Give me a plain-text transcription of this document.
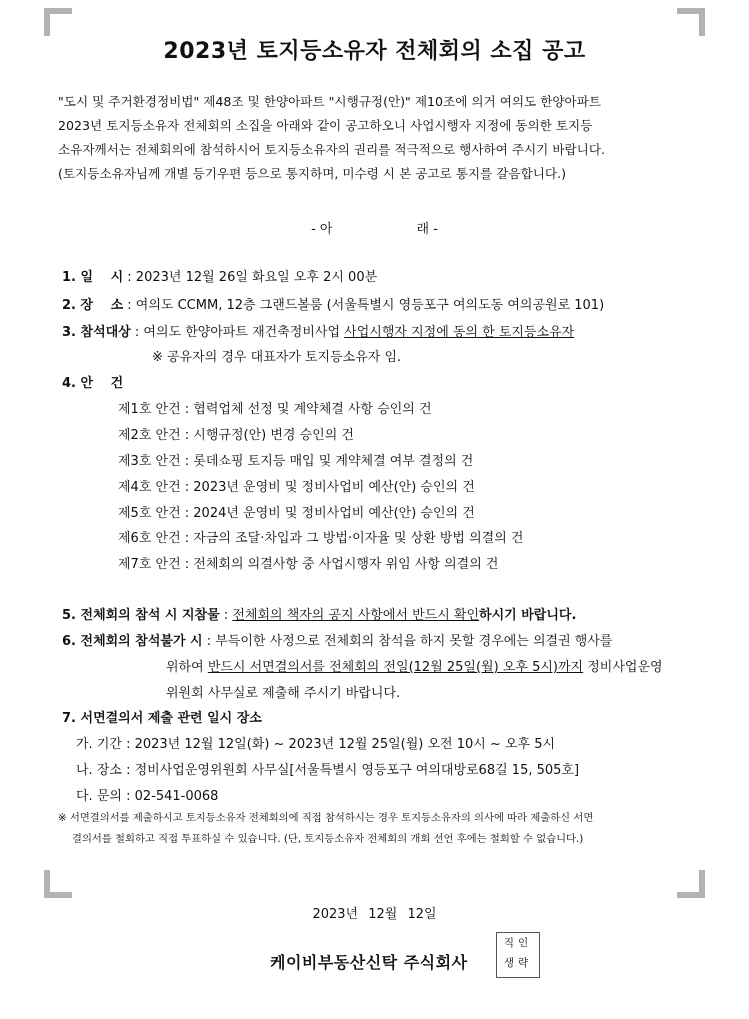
2023년 토지등소유자 전체회의 소집 공고

"도시 및 주거환경정비법" 제48조 및 한양아파트 "시행규정(안)" 제10조에 의거 여의도 한양아파트

2023년 토지등소유자 전체회의 소집을 아래와 같이 공고하오니 사업시행자 지정에 동의한 토지등

소유자께서는 전체회의에 참석하시어 토지등소유자의 권리를 적극적으로 행사하여 주시기 바랍니다.

(토지등소유자님께 개별 등기우편 등으로 통지하며, 미수령 시 본 공고로 통지를 갈음합니다.)

- 아	래 -
1. 일　 시 : 2023년 12월 26일 화요일 오후 2시 00분
2. 장　 소 : 여의도 CCMM, 12층 그랜드볼룸 (서울특별시 영등포구 여의도동 여의공원로 101)
3. 참석대상 : 여의도 한양아파트 재건축정비사업 사업시행자 지정에 동의 한 토지등소유자
※ 공유자의 경우 대표자가 토지등소유자 임.
4. 안　 건
제1호 안건 : 협력업체 선정 및 계약체결 사항 승인의 건
제2호 안건 : 시행규정(안) 변경 승인의 건
제3호 안건 : 롯데쇼핑 토지등 매입 및 계약체결 여부 결정의 건
제4호 안건 : 2023년 운영비 및 정비사업비 예산(안) 승인의 건
제5호 안건 : 2024년 운영비 및 정비사업비 예산(안) 승인의 건
제6호 안건 : 자금의 조달·차입과 그 방법·이자율 및 상환 방법 의결의 건
제7호 안건 : 전체회의 의결사항 중 사업시행자 위임 사항 의결의 건
5. 전체회의 참석 시 지참물 : 전체회의 책자의 공지 사항에서 반드시 확인하시기 바랍니다.
6. 전체회의 참석불가 시 : 부득이한 사정으로 전체회의 참석을 하지 못할 경우에는 의결권 행사를
위하여 반드시 서면결의서를 전체회의 전일(12월 25일(월) 오후 5시)까지 정비사업운영
위원회 사무실로 제출해 주시기 바랍니다.
7. 서면결의서 제출 관련 일시 장소
가. 기간 : 2023년 12월 12일(화) ~ 2023년 12월 25일(월) 오전 10시 ~ 오후 5시
나. 장소 : 정비사업운영위원회 사무실[서울특별시 영등포구 여의대방로68길 15, 505호]
다. 문의 : 02-541-0068
※ 서면결의서를 제출하시고 토지등소유자 전체회의에 직접 참석하시는 경우 토지등소유자의 의사에 따라 제출하신 서면
결의서를 철회하고 직접 투표하실 수 있습니다. (단, 토지등소유자 전체회의 개회 선언 후에는 철회할 수 없습니다.)
2023년 12월 12일
케이비부동산신탁 주식회사
직인
생략
